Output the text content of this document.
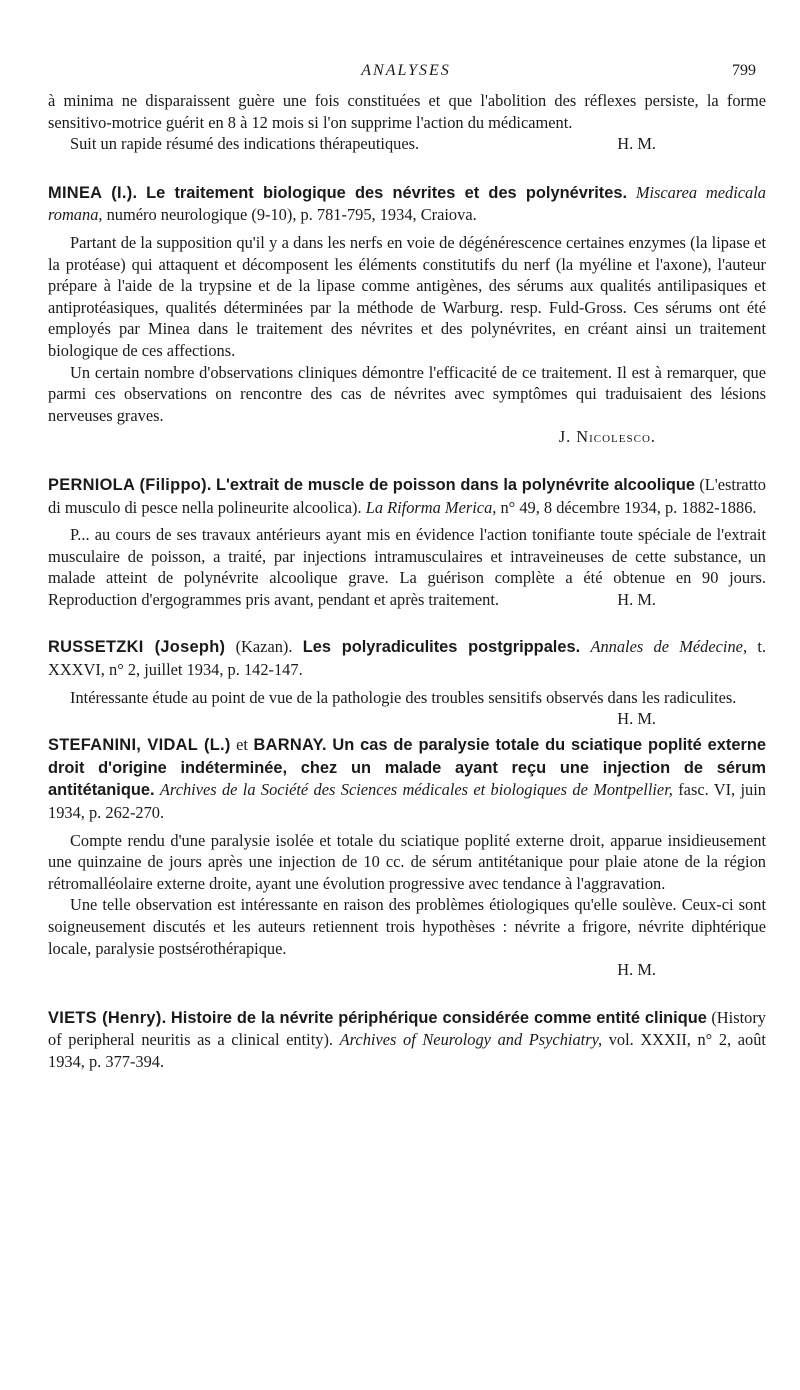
ANALYSES	799

à minima ne disparaissent guère une fois constituées et que l'abolition des réflexes persiste, la forme sensitivo-motrice guérit en 8 à 12 mois si l'on supprime l'action du médicament.

Suit un rapide résumé des indications thérapeutiques.	H. M.

MINEA (I.). Le traitement biologique des névrites et des polynévrites. Miscarea medicala romana, numéro neurologique (9-10), p. 781-795, 1934, Craiova.

Partant de la supposition qu'il y a dans les nerfs en voie de dégénérescence certaines enzymes (la lipase et la protéase) qui attaquent et décomposent les éléments constitutifs du nerf (la myéline et l'axone), l'auteur prépare à l'aide de la trypsine et de la lipase comme antigènes, des sérums aux qualités antilipasiques et antiprotéasiques, qualités déterminées par la méthode de Warburg. resp. Fuld-Gross. Ces sérums ont été employés par Minea dans le traitement des névrites et des polynévrites, en créant ainsi un traitement biologique de ces affections.

Un certain nombre d'observations cliniques démontre l'efficacité de ce traitement. Il est à remarquer, que parmi ces observations on rencontre des cas de névrites avec symptômes qui traduisaient des lésions nerveuses graves.

J. Nicolesco.

PERNIOLA (Filippo). L'extrait de muscle de poisson dans la polynévrite alcoolique (L'estratto di musculo di pesce nella polineurite alcoolica). La Riforma Merica, n° 49, 8 décembre 1934, p. 1882-1886.

P... au cours de ses travaux antérieurs ayant mis en évidence l'action tonifiante toute spéciale de l'extrait musculaire de poisson, a traité, par injections intramusculaires et intraveineuses de cette substance, un malade atteint de polynévrite alcoolique grave. La guérison complète a été obtenue en 90 jours. Reproduction d'ergogrammes pris avant, pendant et après traitement.	H. M.

RUSSETZKI (Joseph) (Kazan). Les polyradiculites postgrippales. Annales de Médecine, t. XXXVI, n° 2, juillet 1934, p. 142-147.

Intéressante étude au point de vue de la pathologie des troubles sensitifs observés dans les radiculites.
H. M.

STEFANINI, VIDAL (L.) et BARNAY. Un cas de paralysie totale du sciatique poplité externe droit d'origine indéterminée, chez un malade ayant reçu une injection de sérum antitétanique. Archives de la Société des Sciences médicales et biologiques de Montpellier, fasc. VI, juin 1934, p. 262-270.

Compte rendu d'une paralysie isolée et totale du sciatique poplité externe droit, apparue insidieusement une quinzaine de jours après une injection de 10 cc. de sérum antitétanique pour plaie atone de la région rétromalléolaire externe droite, ayant une évolution progressive avec tendance à l'aggravation.

Une telle observation est intéressante en raison des problèmes étiologiques qu'elle soulève. Ceux-ci sont soigneusement discutés et les auteurs retiennent trois hypothèses : névrite a frigore, névrite diphtérique locale, paralysie postsérothérapique.

H. M.

VIETS (Henry). Histoire de la névrite périphérique considérée comme entité clinique (History of peripheral neuritis as a clinical entity). Archives of Neurology and Psychiatry, vol. XXXII, n° 2, août 1934, p. 377-394.
